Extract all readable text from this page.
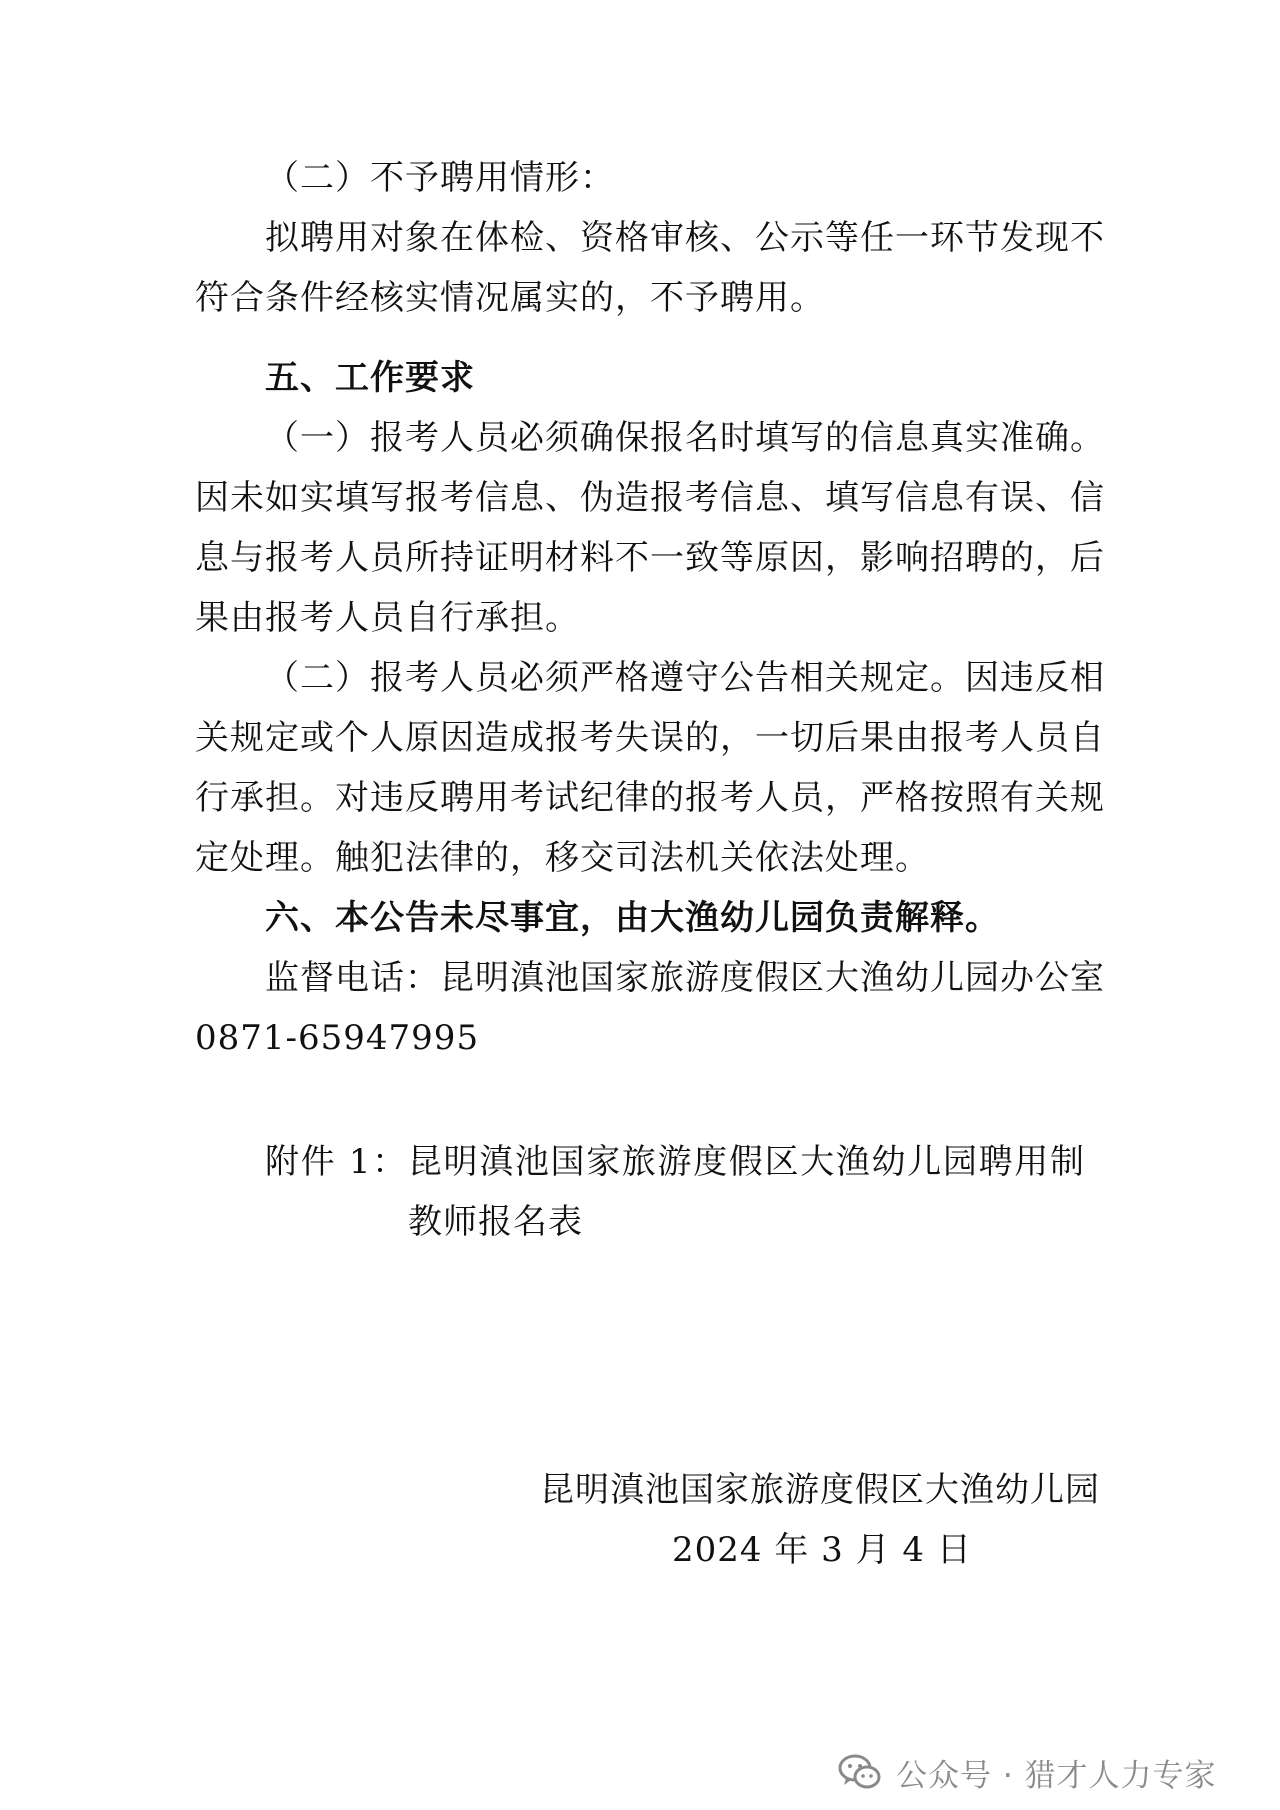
（二）不予聘用情形：
拟聘用对象在体检、资格审核、公示等任一环节发现不
符合条件经核实情况属实的，不予聘用。
五、工作要求
（一）报考人员必须确保报名时填写的信息真实准确。
因未如实填写报考信息、伪造报考信息、填写信息有误、信
息与报考人员所持证明材料不一致等原因，影响招聘的，后
果由报考人员自行承担。
（二）报考人员必须严格遵守公告相关规定。因违反相
关规定或个人原因造成报考失误的，一切后果由报考人员自
行承担。对违反聘用考试纪律的报考人员，严格按照有关规
定处理。触犯法律的，移交司法机关依法处理。
六、本公告未尽事宜，由大渔幼儿园负责解释。
监督电话：昆明滇池国家旅游度假区大渔幼儿园办公室
0871-65947995
附件 1：昆明滇池国家旅游度假区大渔幼儿园聘用制
教师报名表
昆明滇池国家旅游度假区大渔幼儿园
2024 年 3 月 4 日
公众号 · 猎才人力专家
